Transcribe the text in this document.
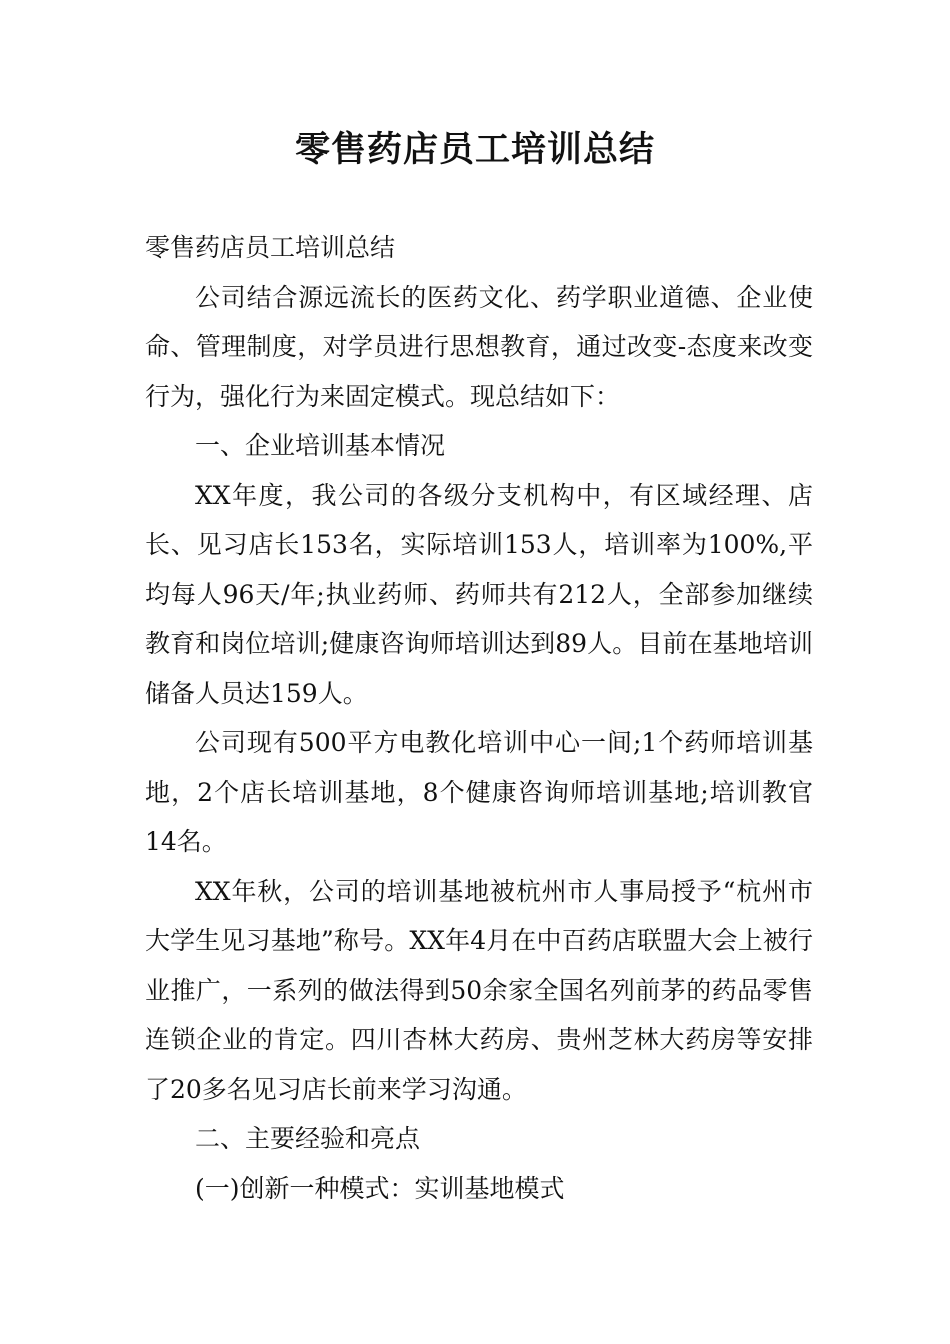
零售药店员工培训总结

零售药店员工培训总结

公司结合源远流长的医药文化、药学职业道德、企业使命、管理制度，对学员进行思想教育，通过改变-态度来改变行为，强化行为来固定模式。现总结如下：

一、企业培训基本情况

XX年度，我公司的各级分支机构中，有区域经理、店长、见习店长153名，实际培训153人，培训率为100%,平均每人96天/年;执业药师、药师共有212人，全部参加继续教育和岗位培训;健康咨询师培训达到89人。目前在基地培训储备人员达159人。

公司现有500平方电教化培训中心一间;1个药师培训基地，2个店长培训基地，8个健康咨询师培训基地;培训教官14名。

XX年秋，公司的培训基地被杭州市人事局授予“杭州市大学生见习基地”称号。XX年4月在中百药店联盟大会上被行业推广，一系列的做法得到50余家全国名列前茅的药品零售连锁企业的肯定。四川杏林大药房、贵州芝林大药房等安排了20多名见习店长前来学习沟通。

二、主要经验和亮点

(一)创新一种模式：实训基地模式
